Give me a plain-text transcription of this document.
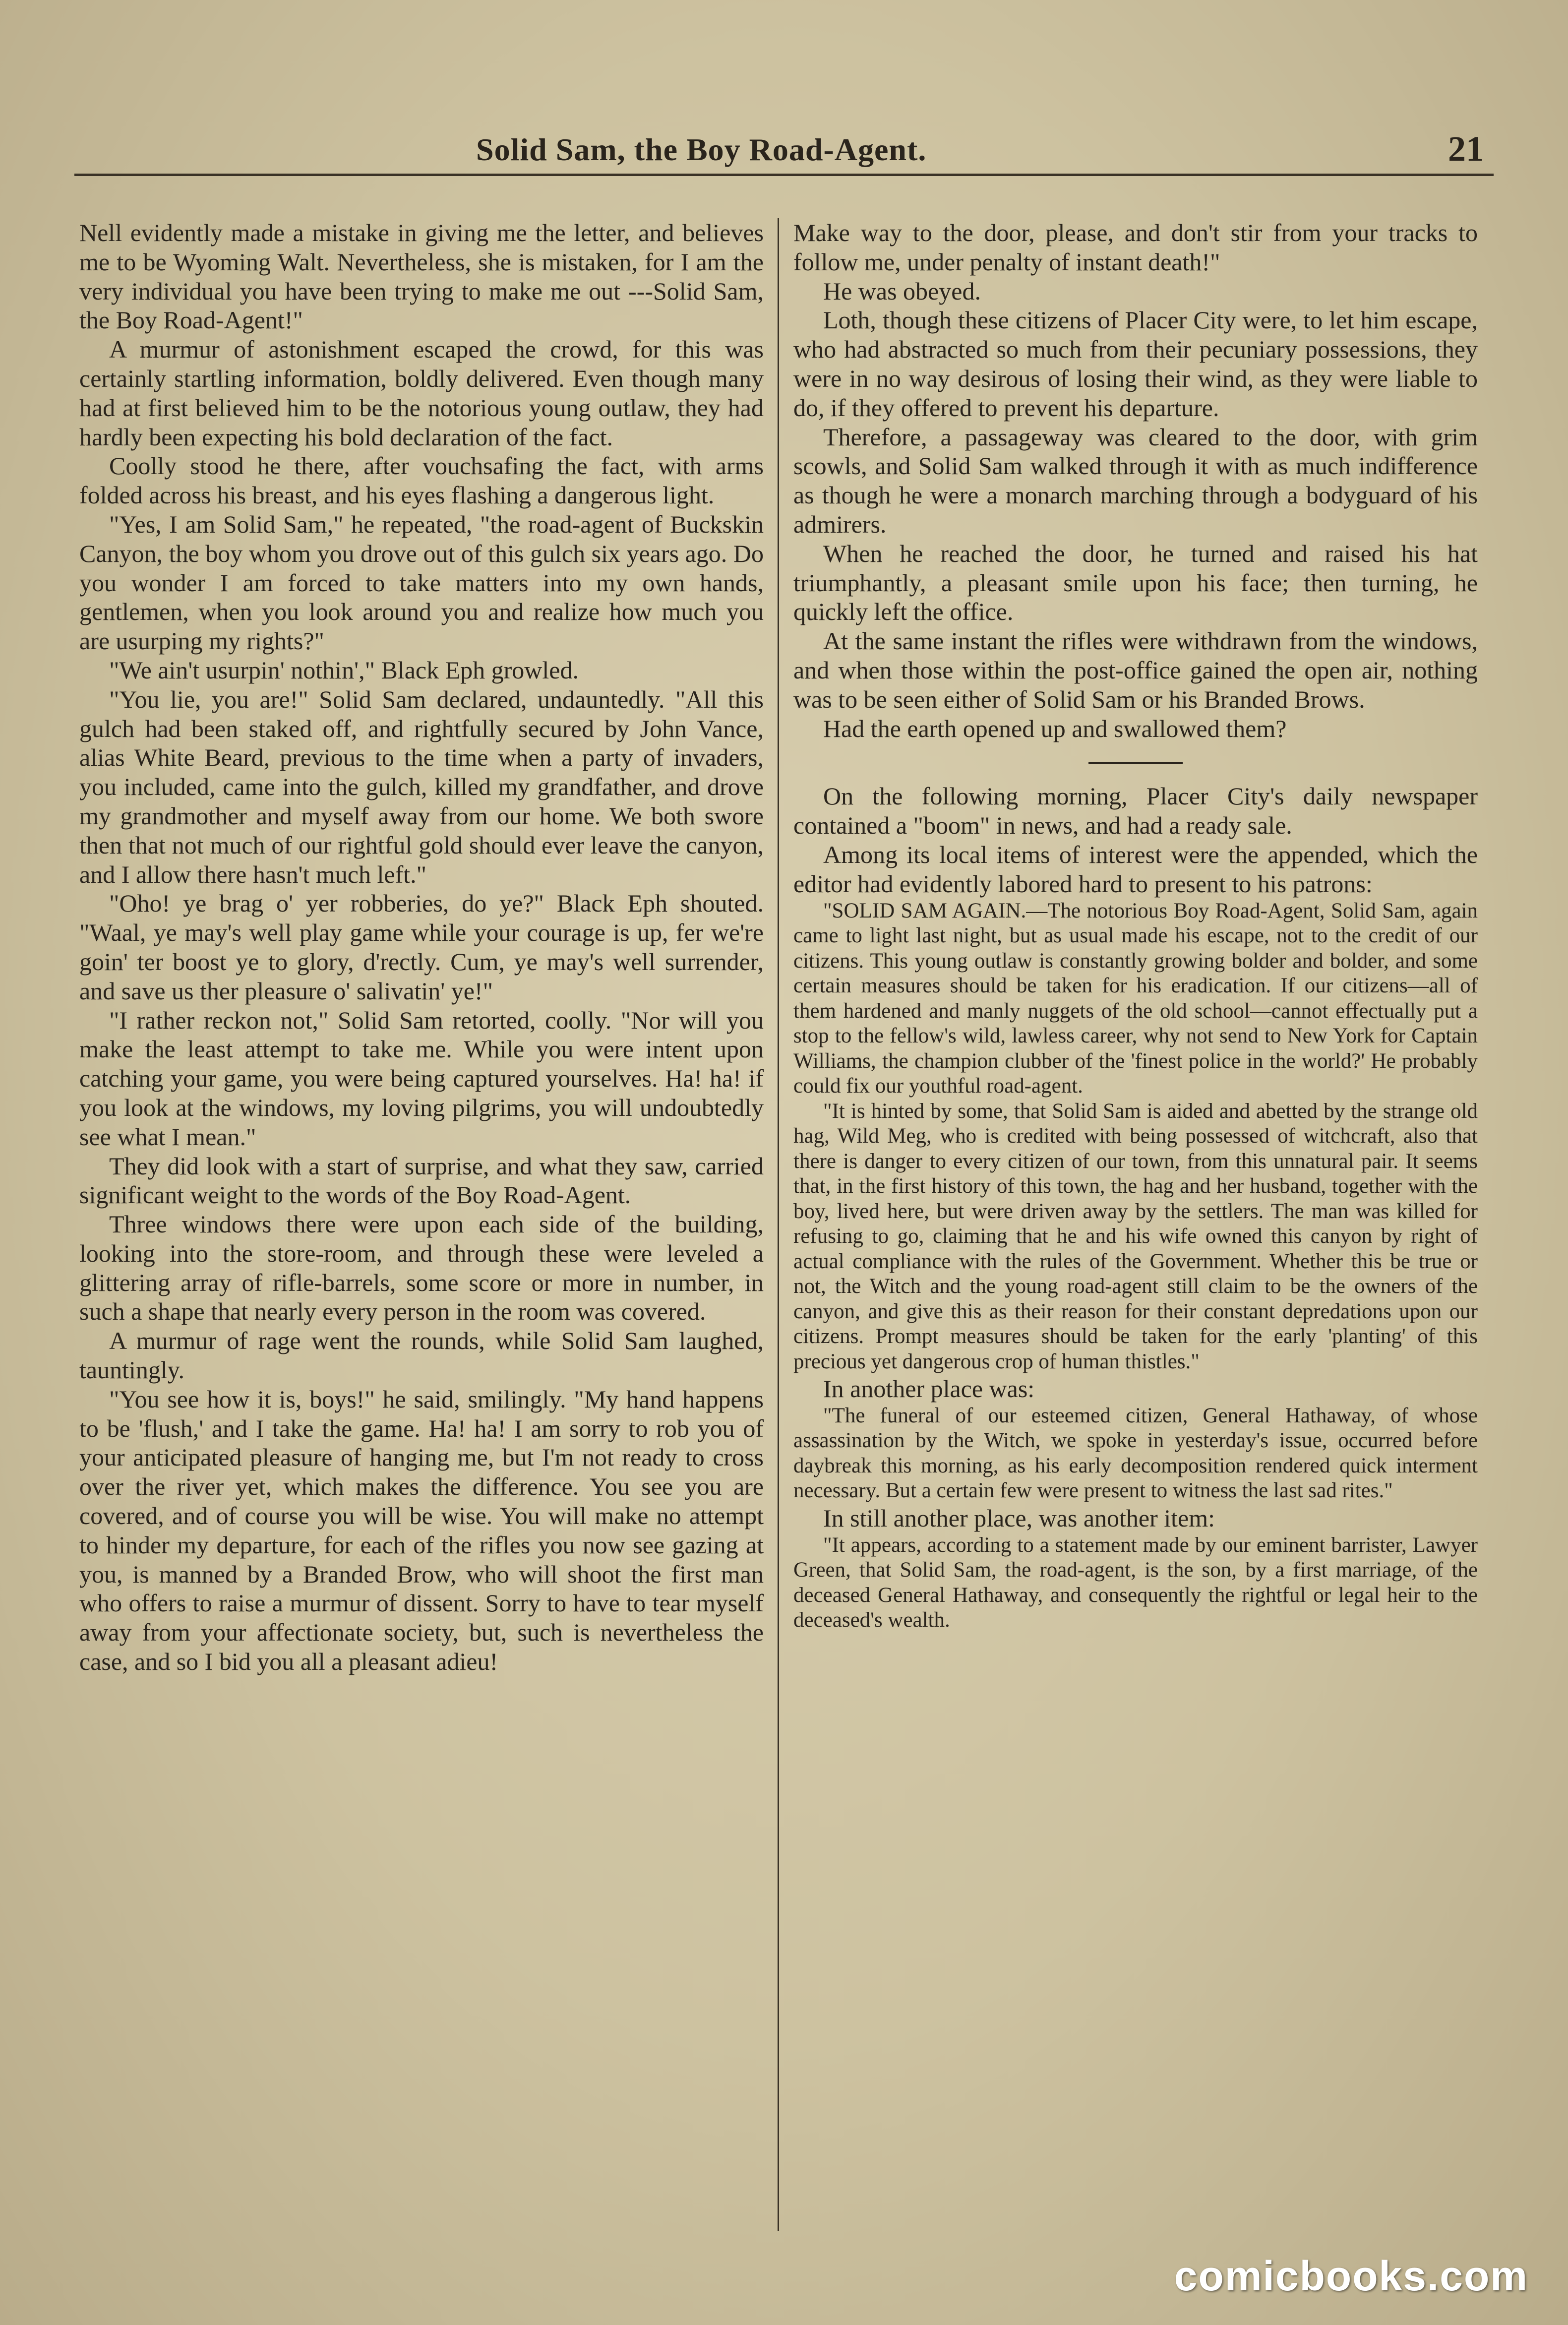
Solid Sam, the Boy Road-Agent.	21

Nell evidently made a mistake in giving me the letter, and believes me to be Wyoming Walt. Nevertheless, she is mistaken, for I am the very individual you have been trying to make me out ---Solid Sam, the Boy Road-Agent!"

A murmur of astonishment escaped the crowd, for this was certainly startling information, boldly delivered. Even though many had at first believed him to be the notorious young outlaw, they had hardly been expecting his bold declaration of the fact.

Coolly stood he there, after vouchsafing the fact, with arms folded across his breast, and his eyes flashing a dangerous light.

"Yes, I am Solid Sam," he repeated, "the road-agent of Buckskin Canyon, the boy whom you drove out of this gulch six years ago. Do you wonder I am forced to take matters into my own hands, gentlemen, when you look around you and realize how much you are usurping my rights?"

"We ain't usurpin' nothin'," Black Eph growled.

"You lie, you are!" Solid Sam declared, undauntedly. "All this gulch had been staked off, and rightfully secured by John Vance, alias White Beard, previous to the time when a party of invaders, you included, came into the gulch, killed my grandfather, and drove my grandmother and myself away from our home. We both swore then that not much of our rightful gold should ever leave the canyon, and I allow there hasn't much left."

"Oho! ye brag o' yer robberies, do ye?" Black Eph shouted. "Waal, ye may's well play game while your courage is up, fer we're goin' ter boost ye to glory, d'rectly. Cum, ye may's well surrender, and save us ther pleasure o' salivatin' ye!"

"I rather reckon not," Solid Sam retorted, coolly. "Nor will you make the least attempt to take me. While you were intent upon catching your game, you were being captured yourselves. Ha! ha! if you look at the windows, my loving pilgrims, you will undoubtedly see what I mean."

They did look with a start of surprise, and what they saw, carried significant weight to the words of the Boy Road-Agent.

Three windows there were upon each side of the building, looking into the store-room, and through these were leveled a glittering array of rifle-barrels, some score or more in number, in such a shape that nearly every person in the room was covered.

A murmur of rage went the rounds, while Solid Sam laughed, tauntingly.

"You see how it is, boys!" he said, smilingly. "My hand happens to be 'flush,' and I take the game. Ha! ha! I am sorry to rob you of your anticipated pleasure of hanging me, but I'm not ready to cross over the river yet, which makes the difference. You see you are covered, and of course you will be wise. You will make no attempt to hinder my departure, for each of the rifles you now see gazing at you, is manned by a Branded Brow, who will shoot the first man who offers to raise a murmur of dissent. Sorry to have to tear myself away from your affectionate society, but, such is nevertheless the case, and so I bid you all a pleasant adieu!

Make way to the door, please, and don't stir from your tracks to follow me, under penalty of instant death!"

He was obeyed.

Loth, though these citizens of Placer City were, to let him escape, who had abstracted so much from their pecuniary possessions, they were in no way desirous of losing their wind, as they were liable to do, if they offered to prevent his departure.

Therefore, a passageway was cleared to the door, with grim scowls, and Solid Sam walked through it with as much indifference as though he were a monarch marching through a bodyguard of his admirers.

When he reached the door, he turned and raised his hat triumphantly, a pleasant smile upon his face; then turning, he quickly left the office.

At the same instant the rifles were withdrawn from the windows, and when those within the post-office gained the open air, nothing was to be seen either of Solid Sam or his Branded Brows.

Had the earth opened up and swallowed them?

On the following morning, Placer City's daily newspaper contained a "boom" in news, and had a ready sale.

Among its local items of interest were the appended, which the editor had evidently labored hard to present to his patrons:

"SOLID SAM AGAIN.—The notorious Boy Road-Agent, Solid Sam, again came to light last night, but as usual made his escape, not to the credit of our citizens. This young outlaw is constantly growing bolder and bolder, and some certain measures should be taken for his eradication. If our citizens—all of them hardened and manly nuggets of the old school—cannot effectually put a stop to the fellow's wild, lawless career, why not send to New York for Captain Williams, the champion clubber of the 'finest police in the world?' He probably could fix our youthful road-agent.

"It is hinted by some, that Solid Sam is aided and abetted by the strange old hag, Wild Meg, who is credited with being possessed of witchcraft, also that there is danger to every citizen of our town, from this unnatural pair. It seems that, in the first history of this town, the hag and her husband, together with the boy, lived here, but were driven away by the settlers. The man was killed for refusing to go, claiming that he and his wife owned this canyon by right of actual compliance with the rules of the Government. Whether this be true or not, the Witch and the young road-agent still claim to be the owners of the canyon, and give this as their reason for their constant depredations upon our citizens. Prompt measures should be taken for the early 'planting' of this precious yet dangerous crop of human thistles."

In another place was:

"The funeral of our esteemed citizen, General Hathaway, of whose assassination by the Witch, we spoke in yesterday's issue, occurred before daybreak this morning, as his early decomposition rendered quick interment necessary. But a certain few were present to witness the last sad rites."

In still another place, was another item:

"It appears, according to a statement made by our eminent barrister, Lawyer Green, that Solid Sam, the road-agent, is the son, by a first marriage, of the deceased General Hathaway, and consequently the rightful or legal heir to the deceased's wealth.

comicbooks.com
